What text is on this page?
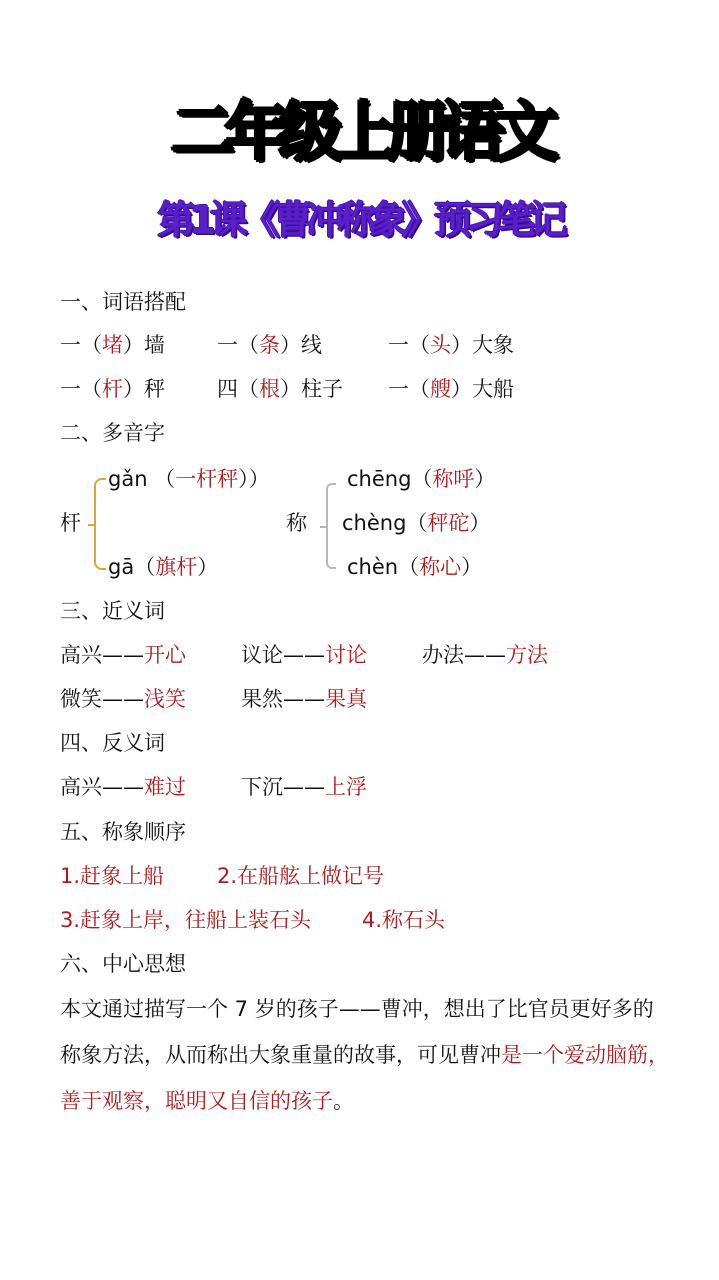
二年级上册语文
第1课《曹冲称象》预习笔记
一、词语搭配
一（堵）墙 一（条）线	一（头）大象
一（杆）秤 四（根）柱子 一（艘）大船
二、多音字
杆
gǎn （一杆秤））
gā（旗杆）
称
chēng（称呼）
chèng（秤砣）
chèn（称心）
三、近义词
高兴——开心	议论——讨论	办法——方法
微笑——浅笑	果然——果真
四、反义词
高兴——难过	下沉——上浮
五、称象顺序
1.赶象上船	2.在船舷上做记号
3.赶象上岸，往船上装石头 4.称石头
六、中心思想
本文通过描写一个 7 岁的孩子——曹冲，想出了比官员更好多的称象方法，从而称出大象重量的故事，可见曹冲是一个爱动脑筋，善于观察，聪明又自信的孩子。
